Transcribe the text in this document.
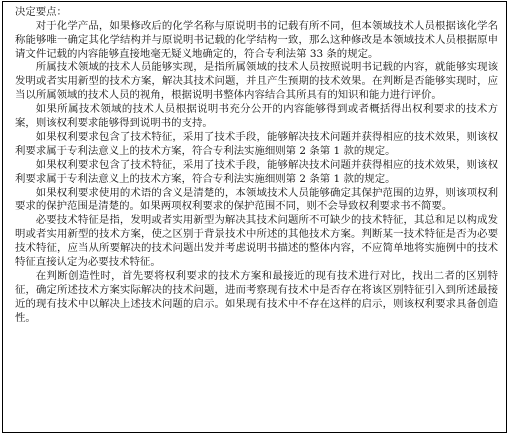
决定要点：

对于化学产品，如果修改后的化学名称与原说明书的记载有所不同，但本领域技术人员根据该化学名称能够唯一确定其化学结构并与原说明书记载的化学结构一致，那么这种修改是本领域技术人员根据原申请文件记载的内容能够直接地毫无疑义地确定的，符合专利法第 33 条的规定。

所属技术领域的技术人员能够实现，是指所属领域的技术人员按照说明书记载的内容，就能够实现该发明或者实用新型的技术方案，解决其技术问题，并且产生预期的技术效果。在判断是否能够实现时，应当以所属领域的技术人员的视角，根据说明书整体内容结合其所具有的知识和能力进行评价。

如果所属技术领域的技术人员根据说明书充分公开的内容能够得到或者概括得出权利要求的技术方案，则该权利要求能够得到说明书的支持。

如果权利要求包含了技术特征，采用了技术手段，能够解决技术问题并获得相应的技术效果，则该权利要求属于专利法意义上的技术方案，符合专利法实施细则第 2 条第 1 款的规定。

如果权利要求包含了技术特征，采用了技术手段，能够解决技术问题并获得相应的技术效果，则该权利要求属于专利法意义上的技术方案，符合专利法实施细则第 2 条第 1 款的规定。

如果权利要求使用的术语的含义是清楚的，本领域技术人员能够确定其保护范围的边界，则该项权利要求的保护范围是清楚的。如果两项权利要求的保护范围不同，则不会导致权利要求书不简要。

必要技术特征是指，发明或者实用新型为解决其技术问题所不可缺少的技术特征，其总和足以构成发明或者实用新型的技术方案，使之区别于背景技术中所述的其他技术方案。判断某一技术特征是否为必要技术特征，应当从所要解决的技术问题出发并考虑说明书描述的整体内容，不应简单地将实施例中的技术特征直接认定为必要技术特征。

在判断创造性时，首先要将权利要求的技术方案和最接近的现有技术进行对比，找出二者的区别特征，确定所述技术方案实际解决的技术问题，进而考察现有技术中是否存在将该区别特征引入到所述最接近的现有技术中以解决上述技术问题的启示。如果现有技术中不存在这样的启示，则该权利要求具备创造性。
